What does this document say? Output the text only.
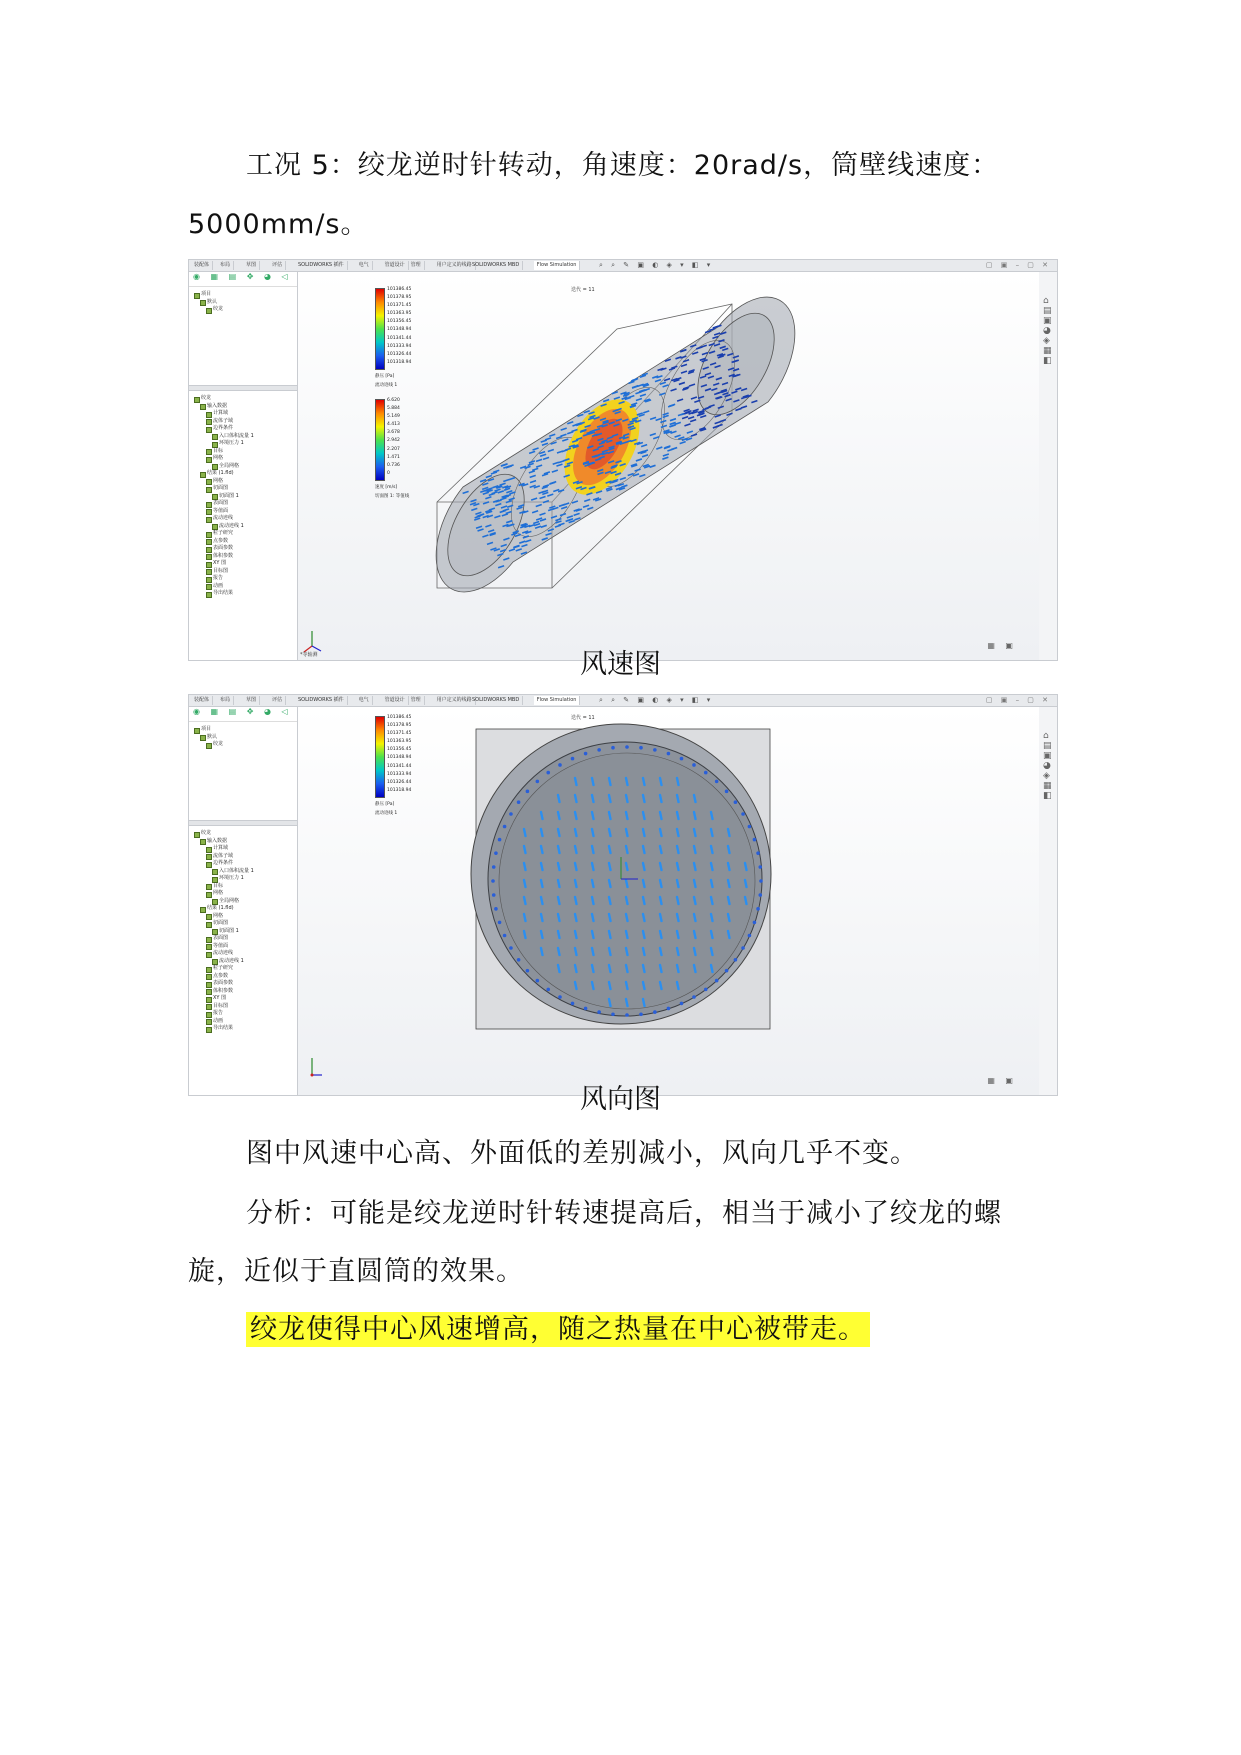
工况 5：绞龙逆时针转动，角速度：20rad/s，筒壁线速度：
5000mm/s。
装配体	布局	草图	评估	SOLIDWORKS 插件	电气	管道设计	管理	用户定义的线路 SOLIDWORKS MBD	Flow Simulation	⌕ ⌕ ✎ ▣ ◐ ◈ ▾ ◧ ▾	▢ ▣ – ▢ ✕
◉ ▦ ▤ ✥ ◕ ◁
项目
默认
绞龙
绞龙
输入数据
计算域
流体子域
边界条件
入口体积流量 1
环境压力 1
目标
网格
全局网格
结果 (1.fld)
网格
切面图
切面图 1
表面图
等值面
流动迹线
流动迹线 1
粒子研究
点参数
表面参数
体积参数
XY 图
目标图
报告
动画
导出结果
迭代 = 11
101386.45
101378.95
101371.45
101363.95
101356.45
101348.94
101341.44
101333.94
101326.44
101318.94
静压 [Pa]
流动迹线 1
6.620
5.884
5.149
4.413
3.678
2.942
2.207
1.471
0.736
0
速度 [m/s]
切面图 1: 等值线
*等轴测
▦ ▣
⌂ ▤ ▣ ◕ ◈ ▦ ◧
风速图
装配体	布局	草图	评估	SOLIDWORKS 插件	电气	管道设计	管理	用户定义的线路 SOLIDWORKS MBD	Flow Simulation	⌕ ⌕ ✎ ▣ ◐ ◈ ▾ ◧ ▾	▢ ▣ – ▢ ✕
◉ ▦ ▤ ✥ ◕ ◁
项目
默认
绞龙
绞龙
输入数据
计算域
流体子域
边界条件
入口体积流量 1
环境压力 1
目标
网格
全局网格
结果 (1.fld)
网格
切面图
切面图 1
表面图
等值面
流动迹线
流动迹线 1
粒子研究
点参数
表面参数
体积参数
XY 图
目标图
报告
动画
导出结果
迭代 = 11
101386.45
101378.95
101371.45
101363.95
101356.45
101348.94
101341.44
101333.94
101326.44
101318.94
静压 [Pa]
流动迹线 1
▦ ▣
⌂ ▤ ▣ ◕ ◈ ▦ ◧
风向图
图中风速中心高、外面低的差别减小，风向几乎不变。
分析：可能是绞龙逆时针转速提高后，相当于减小了绞龙的螺
旋，近似于直圆筒的效果。
绞龙使得中心风速增高，随之热量在中心被带走。
